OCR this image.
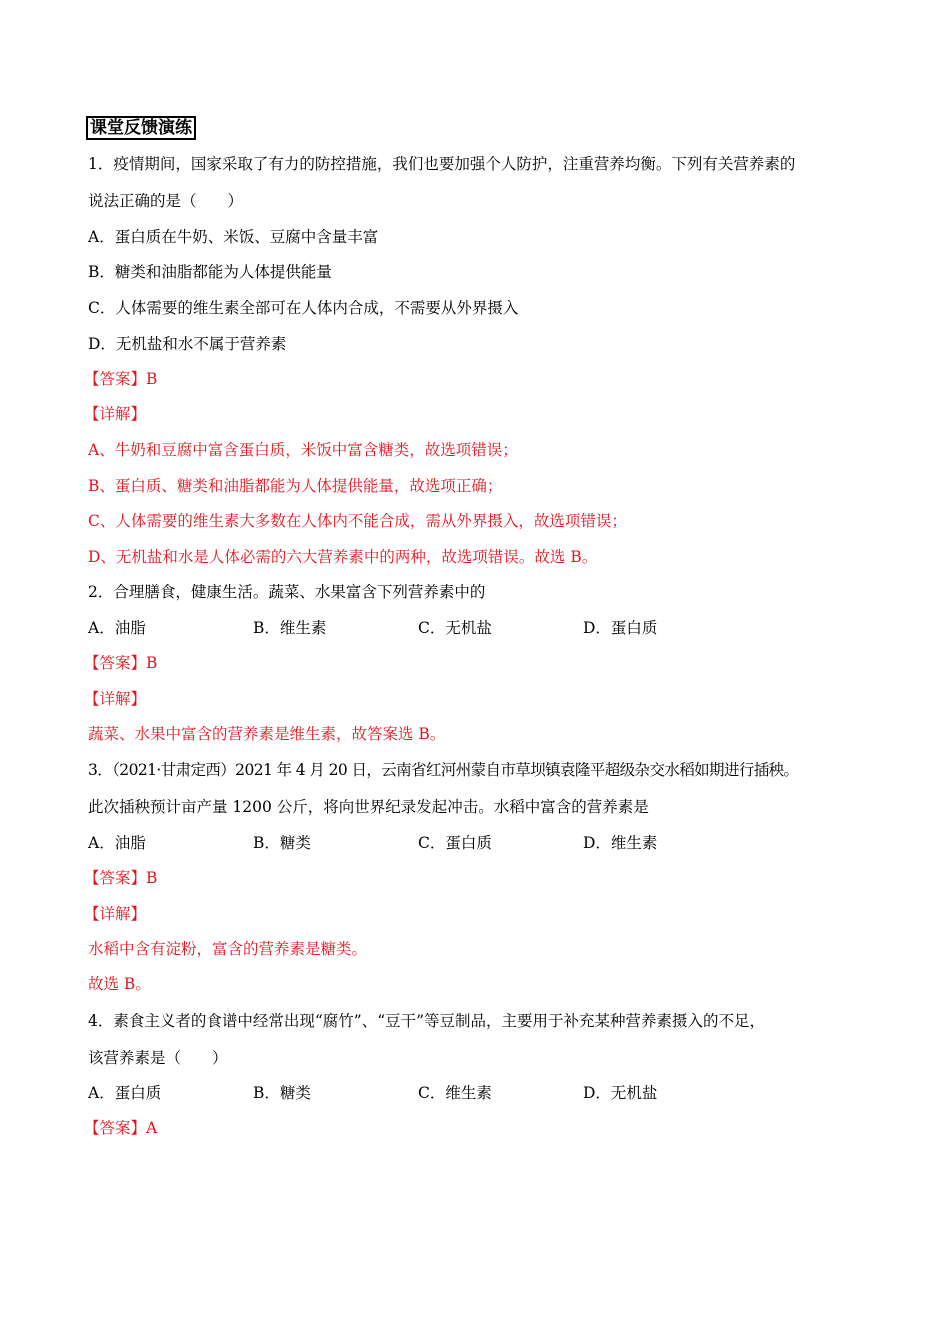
课堂反馈演练
1．疫情期间，国家采取了有力的防控措施，我们也要加强个人防护，注重营养均衡。下列有关营养素的
说法正确的是（　　）
A．蛋白质在牛奶、米饭、豆腐中含量丰富
B．糖类和油脂都能为人体提供能量
C．人体需要的维生素全部可在人体内合成，不需要从外界摄入
D．无机盐和水不属于营养素
【答案】B
【详解】
A、牛奶和豆腐中富含蛋白质，米饭中富含糖类，故选项错误；
B、蛋白质、糖类和油脂都能为人体提供能量，故选项正确；
C、人体需要的维生素大多数在人体内不能合成，需从外界摄入，故选项错误；
D、无机盐和水是人体必需的六大营养素中的两种，故选项错误。故选 B。
2．合理膳食，健康生活。蔬菜、水果富含下列营养素中的
A．油脂	B．维生素	C．无机盐	D．蛋白质
【答案】B
【详解】
蔬菜、水果中富含的营养素是维生素，故答案选 B。
3．（2021·甘肃定西）2021 年 4 月 20 日，云南省红河州蒙自市草坝镇袁隆平超级杂交水稻如期进行插秧。
此次插秧预计亩产量 1200 公斤，将向世界纪录发起冲击。水稻中富含的营养素是
A．油脂	B．糖类	C．蛋白质	D．维生素
【答案】B
【详解】
水稻中含有淀粉，富含的营养素是糖类。
故选 B。
4．素食主义者的食谱中经常出现“腐竹”、“豆干”等豆制品，主要用于补充某种营养素摄入的不足，
该营养素是（　　）
A．蛋白质	B．糖类	C．维生素	D．无机盐
【答案】A
